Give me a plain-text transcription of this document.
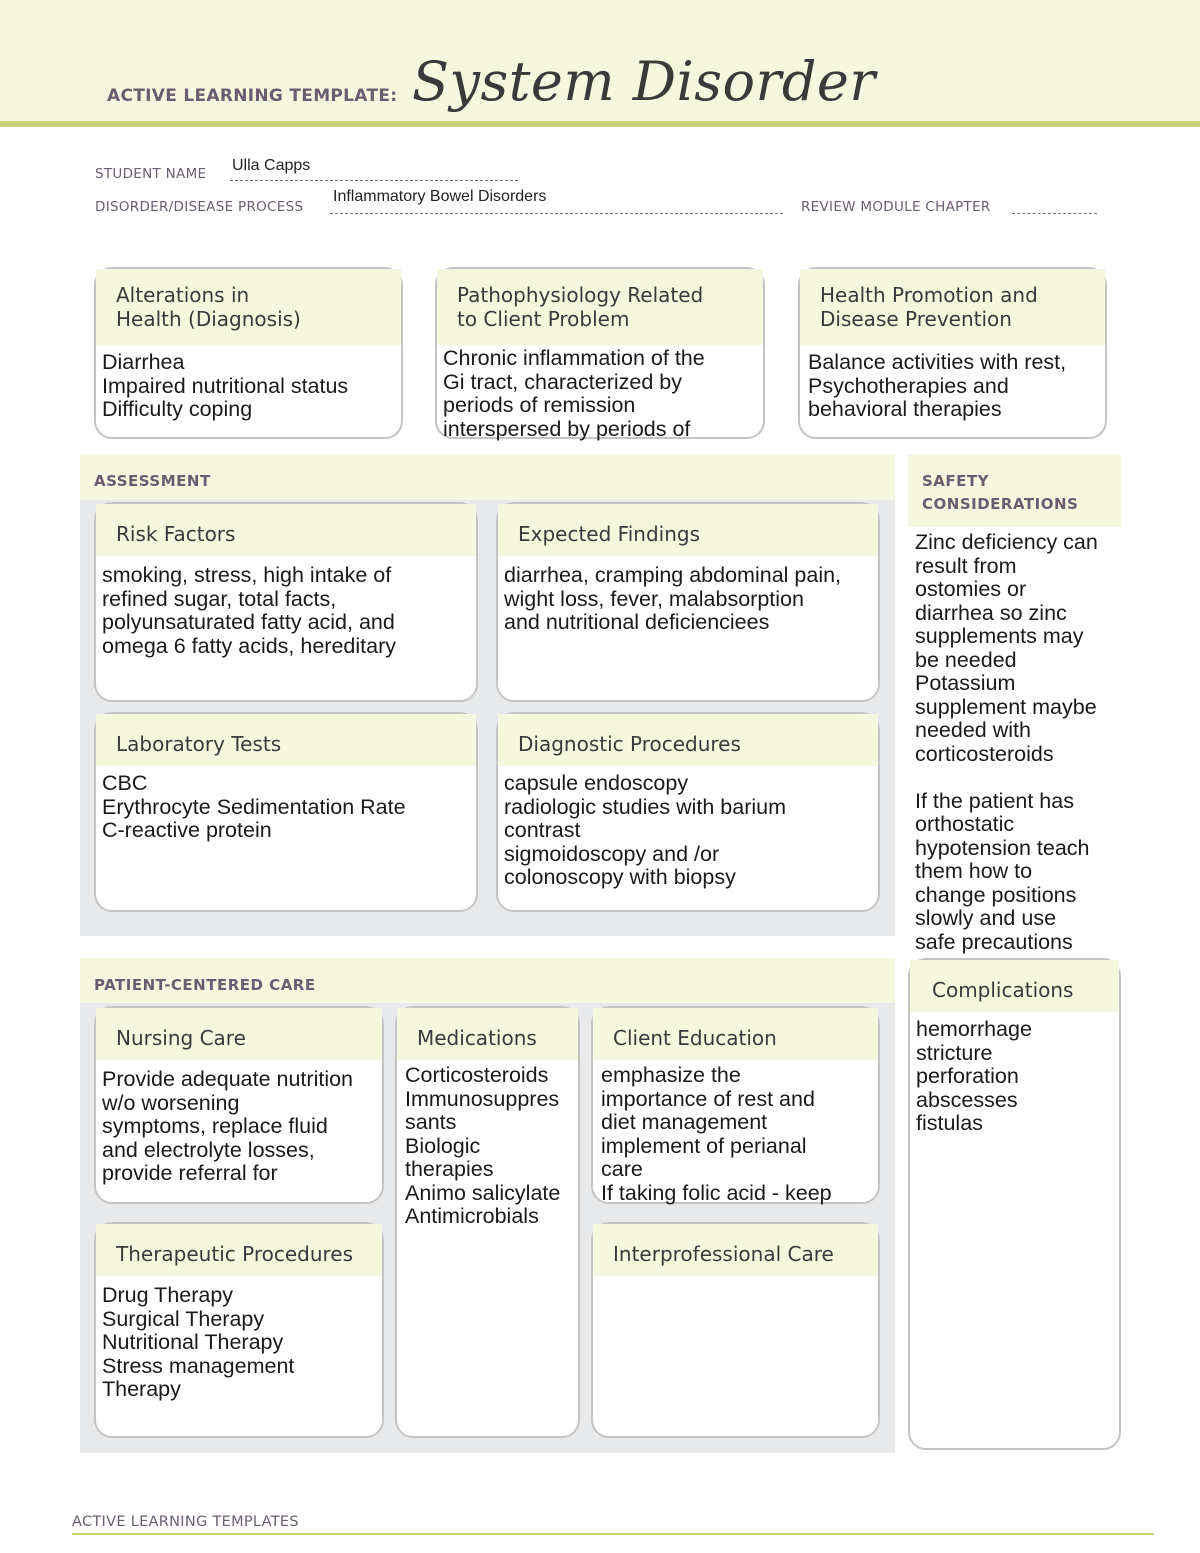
ACTIVE LEARNING TEMPLATE: System Disorder
STUDENT NAME Ulla Capps
DISORDER/DISEASE PROCESS
Inflammatory Bowel Disorders
REVIEW MODULE CHAPTER
Alterations in
Health (Diagnosis)
Diarrhea
Impaired nutritional status
Difficulty coping
Pathophysiology Related
to Client Problem
Chronic inflammation of the
Gi tract, characterized by
periods of remission
interspersed by periods of
Health Promotion and
Disease Prevention
Balance activities with rest,
Psychotherapies and
behavioral therapies
ASSESSMENT
Risk Factors
smoking, stress, high intake of
refined sugar, total facts,
polyunsaturated fatty acid, and
omega 6 fatty acids, hereditary
Expected Findings
diarrhea, cramping abdominal pain,
wight loss, fever, malabsorption
and nutritional deficienciees
Laboratory Tests
CBC
Erythrocyte Sedimentation Rate
C-reactive protein
Diagnostic Procedures
capsule endoscopy
radiologic studies with barium
contrast
sigmoidoscopy and /or
colonoscopy with biopsy
SAFETY
CONSIDERATIONS
Zinc deficiency can
result from
ostomies or
diarrhea so zinc
supplements may
be needed
Potassium
supplement maybe
needed with
corticosteroids

If the patient has
orthostatic
hypotension teach
them how to
change positions
slowly and use
safe precautions
Complications
hemorrhage
stricture
perforation
abscesses
fistulas
PATIENT-CENTERED CARE
Nursing Care
Provide adequate nutrition
w/o worsening
symptoms, replace fluid
and electrolyte losses,
provide referral for
Medications
Corticosteroids
Immunosuppres
sants
Biologic
therapies
Animo salicylate
Antimicrobials
Client Education
emphasize the
importance of rest and
diet management
implement of perianal
care
If taking folic acid - keep
Therapeutic Procedures
Drug Therapy
Surgical Therapy
Nutritional Therapy
Stress management
Therapy
Interprofessional Care
ACTIVE LEARNING TEMPLATES
